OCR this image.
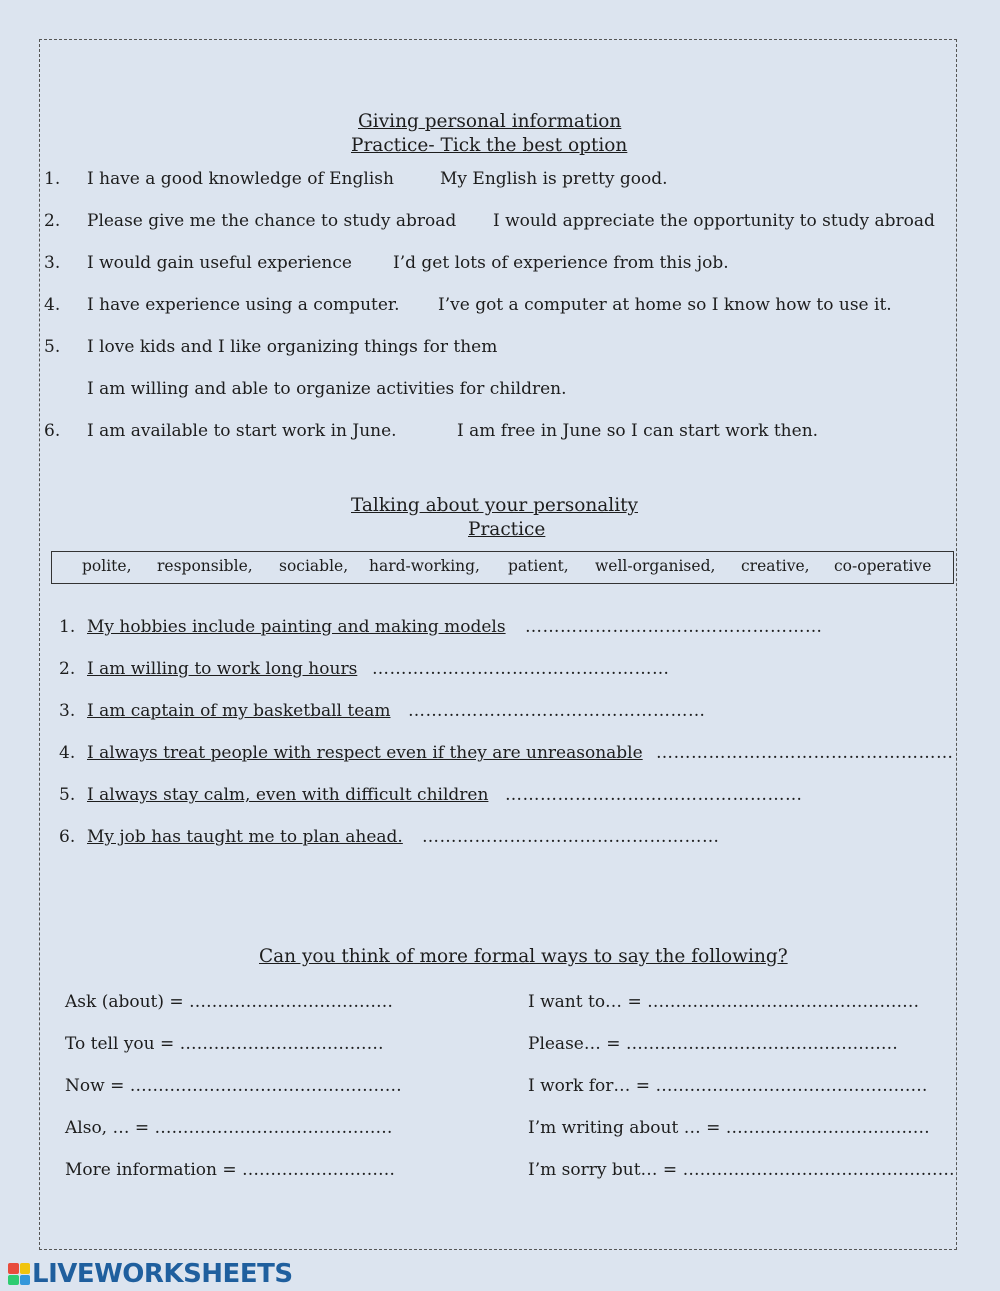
Giving personal information
Practice- Tick the best option
1. I have a good knowledge of English	My English is pretty good.
2. Please give me the chance to study abroad I would appreciate the opportunity to study abroad
3. I would gain useful experience I’d get lots of experience from this job.
4. I have experience using a computer. I’ve got a computer at home so I know how to use it.
5. I love kids and I like organizing things for them
I am willing and able to organize activities for children.
6. I am available to start work in June.	I am free in June so I can start work then.
Talking about your personality
Practice
polite, responsible, sociable, hard-working, patient, well-organised, creative, co-operative
1. My hobbies include painting and making models ……………………………………………
2. I am willing to work long hours ……………………………………………
3. I am captain of my basketball team ……………………………………………
4. I always treat people with respect even if they are unreasonable ……………………………………………
5. I always stay calm, even with difficult children ……………………………………………
6. My job has taught me to plan ahead. ……………………………………………
Can you think of more formal ways to say the following?
Ask (about) = ………………………………
To tell you = ………………………………
Now = …………………………………………
Also, … = ……………………………………
More information = ………………………
I want to… = …………………………………………
Please… = …………………………………………
I work for… = …………………………………………
I’m writing about … = ………………………………
I’m sorry but… = …………………………………………
LIVEWORKSHEETS
